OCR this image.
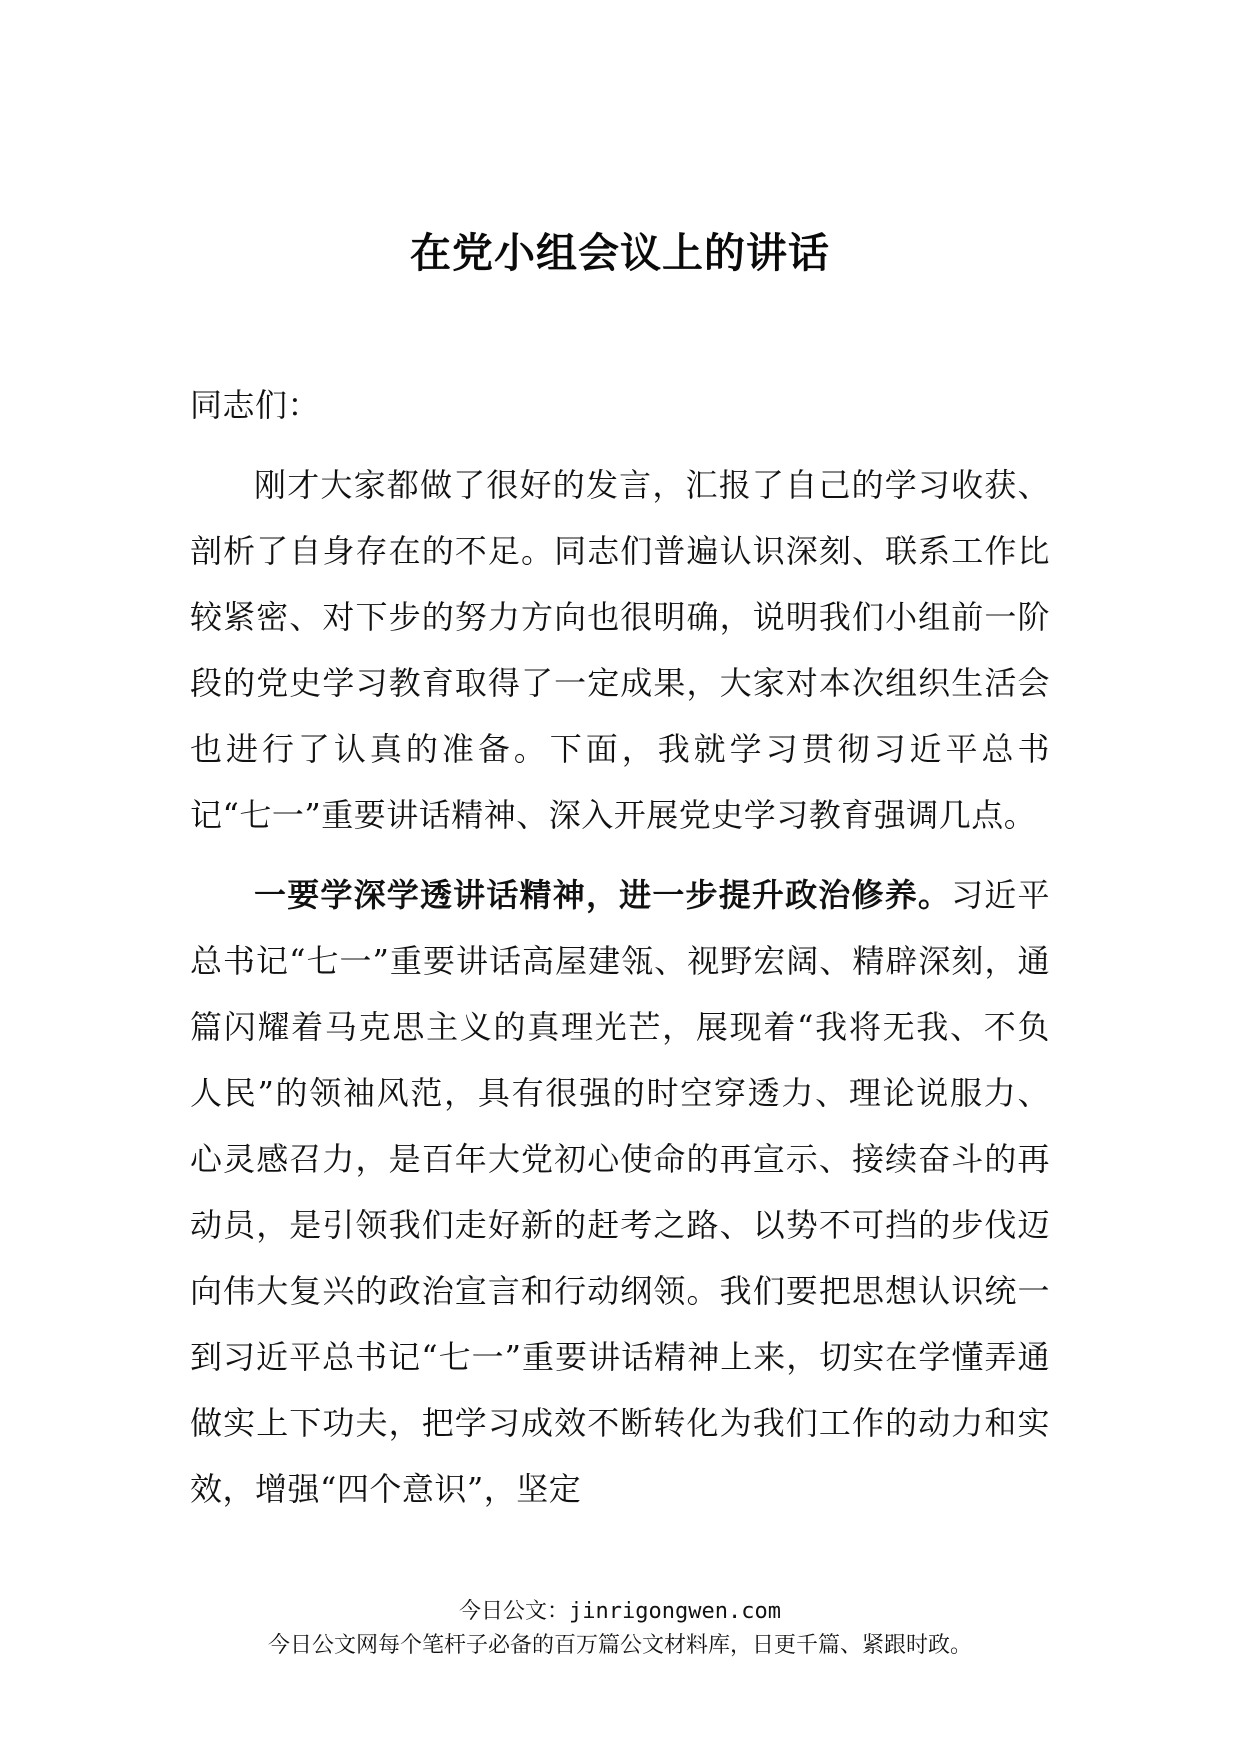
在党小组会议上的讲话

同志们：

刚才大家都做了很好的发言，汇报了自己的学习收获、剖析了自身存在的不足。同志们普遍认识深刻、联系工作比较紧密、对下步的努力方向也很明确，说明我们小组前一阶段的党史学习教育取得了一定成果，大家对本次组织生活会也进行了认真的准备。下面，我就学习贯彻习近平总书记“七一”重要讲话精神、深入开展党史学习教育强调几点。

一要学深学透讲话精神，进一步提升政治修养。习近平总书记“七一”重要讲话高屋建瓴、视野宏阔、精辟深刻，通篇闪耀着马克思主义的真理光芒，展现着“我将无我、不负人民”的领袖风范，具有很强的时空穿透力、理论说服力、心灵感召力，是百年大党初心使命的再宣示、接续奋斗的再动员，是引领我们走好新的赶考之路、以势不可挡的步伐迈向伟大复兴的政治宣言和行动纲领。我们要把思想认识统一到习近平总书记“七一”重要讲话精神上来，切实在学懂弄通做实上下功夫，把学习成效不断转化为我们工作的动力和实效，增强“四个意识”，坚定

今日公文：jinrigongwen.com
今日公文网每个笔杆子必备的百万篇公文材料库，日更千篇、紧跟时政。
